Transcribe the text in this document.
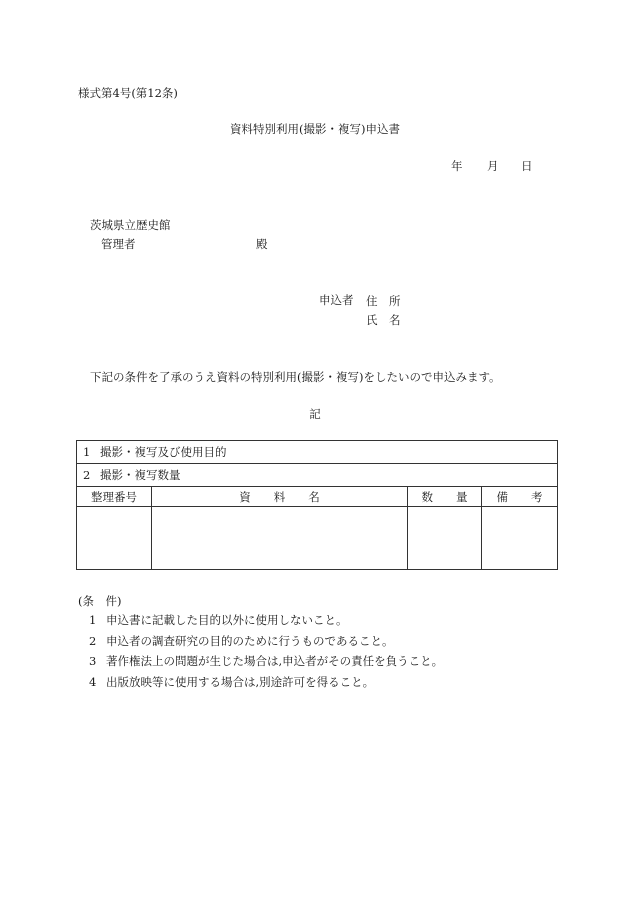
様式第4号(第12条)
資料特別利用(撮影・複写)申込書
年 月 日
茨城県立歴史館
管理者	殿
申込者 住　所
氏　名
下記の条件を了承のうえ資料の特別利用(撮影・複写)をしたいので申込みます。
記
1 撮影・複写及び使用目的			
2 撮影・複写数量			
整理番号	資　　料　　名	数　　量	備　　考

(条　件)
1 申込書に記載した目的以外に使用しないこと。
2 申込者の調査研究の目的のために行うものであること。
3 著作権法上の問題が生じた場合は,申込者がその責任を負うこと。
4 出版放映等に使用する場合は,別途許可を得ること。
